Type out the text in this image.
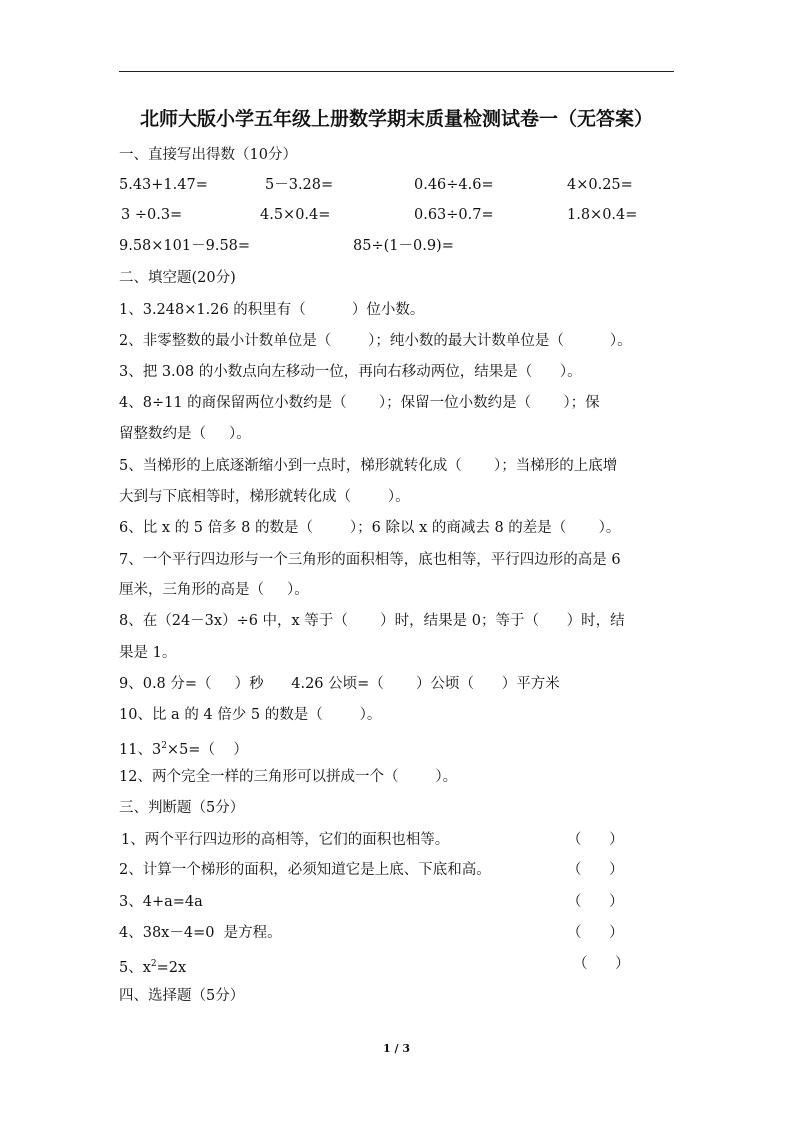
北师大版小学五年级上册数学期末质量检测试卷一（无答案）
一、直接写出得数（10分）
5.43+1.47=	5－3.28=	0.46÷4.6=	4×0.25=
3 ÷0.3=	4.5×0.4=	0.63÷0.7=	1.8×0.4=
9.58×101－9.58=	85÷(1－0.9)=
二、填空题(20分)
1、3.248×1.26 的积里有（          ）位小数。
2、非零整数的最小计数单位是（        ）；纯小数的最大计数单位是（          ）。
3、把 3.08 的小数点向左移动一位，再向右移动两位，结果是（      ）。
4、8÷11 的商保留两位小数约是（       ）；保留一位小数约是（       ）；保
留整数约是（     ）。
5、当梯形的上底逐渐缩小到一点时，梯形就转化成（       ）；当梯形的上底增
大到与下底相等时，梯形就转化成（        ）。
6、比 x 的 5 倍多 8 的数是（        ）；6 除以 x 的商减去 8 的差是（       ）。
7、一个平行四边形与一个三角形的面积相等，底也相等，平行四边形的高是 6
厘米，三角形的高是（     ）。
8、在（24－3x）÷6 中，x 等于（       ）时，结果是 0；等于（      ）时，结
果是 1。
9、0.8 分=（     ）秒      4.26 公顷=（       ）公顷（      ）平方米
10、比 a 的 4 倍少 5 的数是（        ）。
11、$3^2\times 5=$（    ）
12、两个完全一样的三角形可以拼成一个（        ）。
三、判断题（5分）
1、两个平行四边形的高相等，它们的面积也相等。	（      ）
2、计算一个梯形的面积，必须知道它是上底、下底和高。	（      ）
3、4+a=4a	（      ）
4、38x－4=0  是方程。	（      ）
5、$x^2=2x$	（      ）
四、选择题（5分）
1 / 3
